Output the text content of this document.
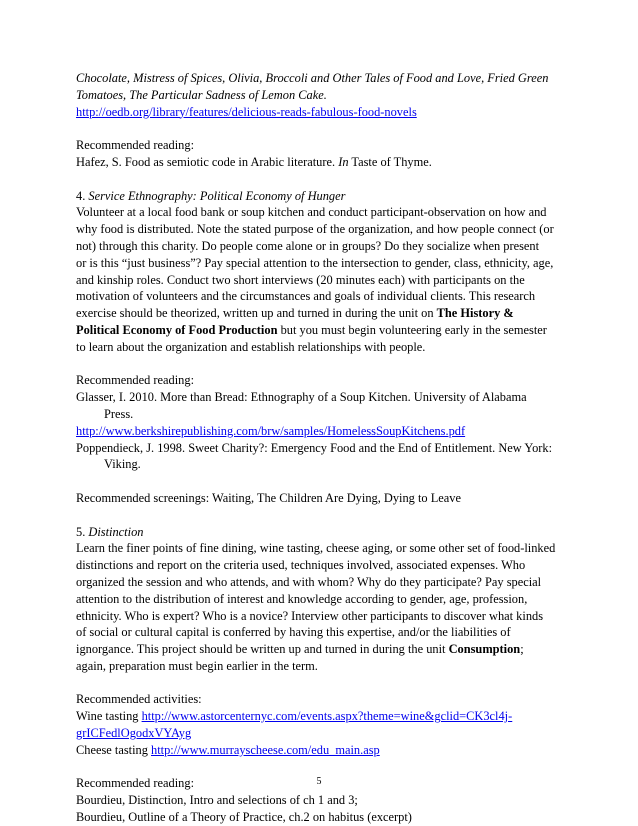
Chocolate, Mistress of Spices, Olivia, Broccoli and Other Tales of Food and Love, Fried Green

Tomatoes, The Particular Sadness of Lemon Cake.

http://oedb.org/library/features/delicious-reads-fabulous-food-novels

Recommended reading:

Hafez, S. Food as semiotic code in Arabic literature. In Taste of Thyme.

4. Service Ethnography: Political Economy of Hunger

Volunteer at a local food bank or soup kitchen and conduct participant-observation on how and

why food is distributed. Note the stated purpose of the organization, and how people connect (or

not) through this charity. Do people come alone or in groups? Do they socialize when present

or is this “just business”? Pay special attention to the intersection to gender, class, ethnicity, age,

and kinship roles. Conduct two short interviews (20 minutes each) with participants on the

motivation of volunteers and the circumstances and goals of individual clients. This research

exercise should be theorized, written up and turned in during the unit on The History &

Political Economy of Food Production but you must begin volunteering early in the semester

to learn about the organization and establish relationships with people.

Recommended reading:

Glasser, I. 2010. More than Bread: Ethnography of a Soup Kitchen. University of Alabama

Press.

http://www.berkshirepublishing.com/brw/samples/HomelessSoupKitchens.pdf

Poppendieck, J. 1998. Sweet Charity?: Emergency Food and the End of Entitlement. New York:

Viking.

Recommended screenings: Waiting, The Children Are Dying, Dying to Leave

5. Distinction

Learn the finer points of fine dining, wine tasting, cheese aging, or some other set of food-linked

distinctions and report on the criteria used, techniques involved, associated expenses. Who

organized the session and who attends, and with whom? Why do they participate? Pay special

attention to the distribution of interest and knowledge according to gender, age, profession,

ethnicity. Who is expert? Who is a novice? Interview other participants to discover what kinds

of social or cultural capital is conferred by having this expertise, and/or the liabilities of

ignorgance. This project should be written up and turned in during the unit Consumption;

again, preparation must begin earlier in the term.

Recommended activities:

Wine tasting http://www.astorcenternyc.com/events.aspx?theme=wine&gclid=CK3cl4j-

grICFedlOgodxVYAyg

Cheese tasting http://www.murrayscheese.com/edu_main.asp

Recommended reading:

Bourdieu, Distinction, Intro and selections of ch 1 and 3;

Bourdieu, Outline of a Theory of Practice, ch.2 on habitus (excerpt)

5
